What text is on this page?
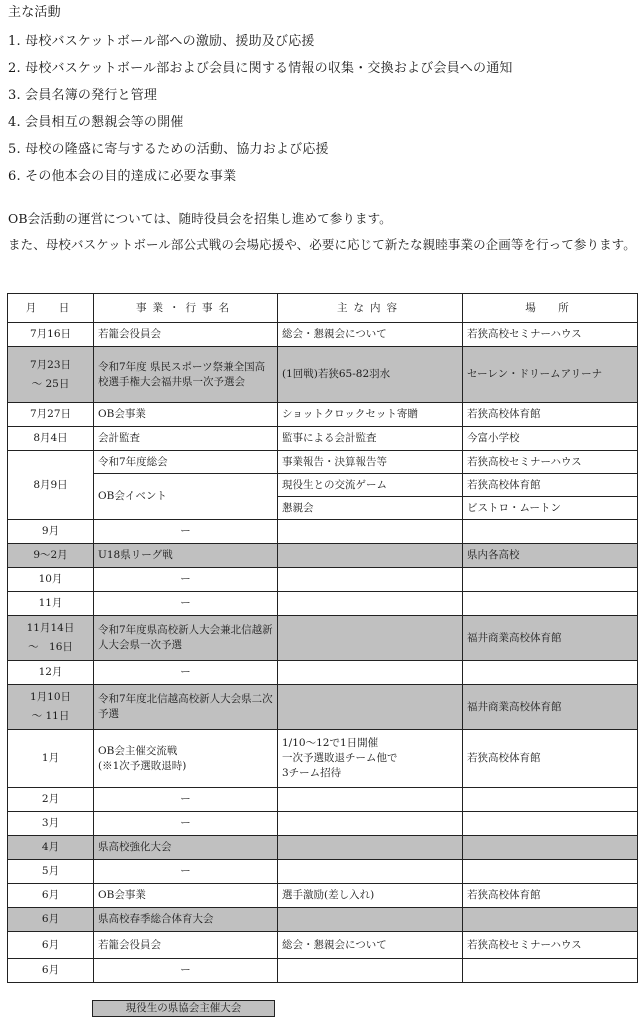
主な活動
1. 母校バスケットボール部への激励、援助及び応援
2. 母校バスケットボール部および会員に関する情報の収集・交換および会員への通知
3. 会員名簿の発行と管理
4. 会員相互の懇親会等の開催
5. 母校の隆盛に寄与するための活動、協力および応援
6. その他本会の目的達成に必要な事業
OB会活動の運営については、随時役員会を招集し進めて参ります。
また、母校バスケットボール部公式戦の会場応援や、必要に応じて新たな親睦事業の企画等を行って参ります。
月　日	事業・行事名	主な内容	場　所

7月16日	若籠会役員会	総会・懇親会について	若狭高校セミナーハウス

7月23日
～ 25日	令和7年度 県民スポーツ祭兼全国高校選手権大会福井県一次予選会	(1回戦)若狭65-82羽水	セーレン・ドリームアリーナ

7月27日	OB会事業	ショットクロックセット寄贈	若狭高校体育館

8月4日	会計監査	監事による会計監査	今富小学校

8月9日	令和7年度総会	事業報告・決算報告等	若狭高校セミナーハウス
	OB会イベント	現役生との交流ゲーム	若狭高校体育館
		懇親会	ビストロ・ムートン

9月	ー		

9～2月	U18県リーグ戦		県内各高校

10月	ー		

11月	ー		

11月14日
～　16日	令和7年度県高校新人大会兼北信越新人大会県一次予選		福井商業高校体育館

12月	ー		

1月10日
～ 11日	令和7年度北信越高校新人大会県二次予選		福井商業高校体育館

1月	OB会主催交流戦
(※1次予選敗退時)	1/10～12で1日開催
一次予選敗退チーム他で
3チーム招待	若狭高校体育館

2月	ー		

3月	ー		

4月	県高校強化大会		

5月	ー		

6月	OB会事業	選手激励(差し入れ)	若狭高校体育館

6月	県高校春季総合体育大会		

6月	若籠会役員会	総会・懇親会について	若狭高校セミナーハウス

6月	ー		
現役生の県協会主催大会
